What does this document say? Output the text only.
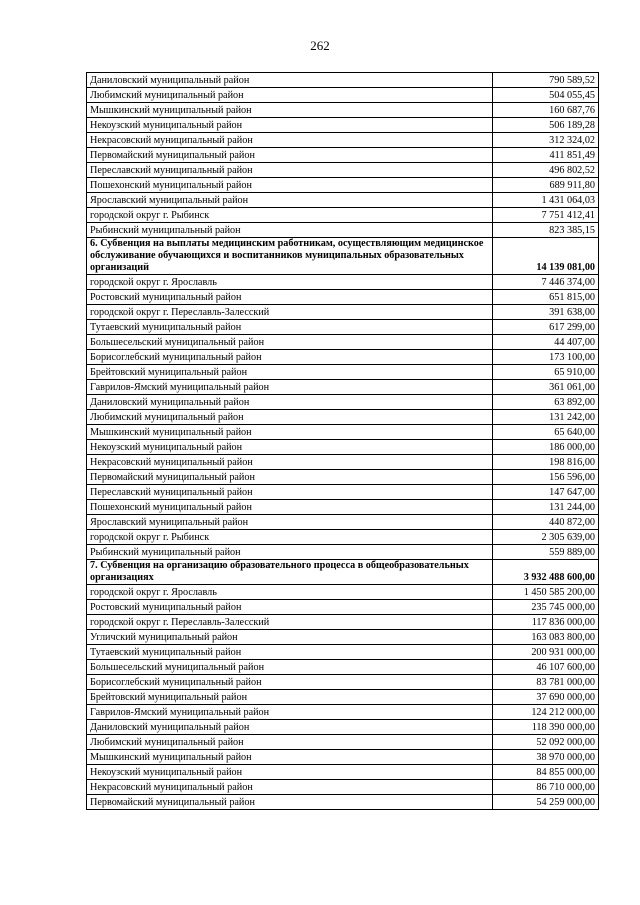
262
Даниловский муниципальный район	790 589,52
Любимский муниципальный район	504 055,45
Мышкинский муниципальный район	160 687,76
Некоузский муниципальный район	506 189,28
Некрасовский муниципальный район	312 324,02
Первомайский муниципальный район	411 851,49
Переславский муниципальный район	496 802,52
Пошехонский муниципальный район	689 911,80
Ярославский муниципальный район	1 431 064,03
городской округ г. Рыбинск	7 751 412,41
Рыбинский муниципальный район	823 385,15
6. Субвенция на выплаты медицинским работникам, осуществляющим медицинское обслуживание обучающихся и воспитанников муниципальных образовательных организаций	14 139 081,00
городской округ г. Ярославль	7 446 374,00
Ростовский муниципальный район	651 815,00
городской округ г. Переславль-Залесский	391 638,00
Тутаевский муниципальный район	617 299,00
Большесельский муниципальный район	44 407,00
Борисоглебский муниципальный район	173 100,00
Брейтовский муниципальный район	65 910,00
Гаврилов-Ямский муниципальный район	361 061,00
Даниловский муниципальный район	63 892,00
Любимский муниципальный район	131 242,00
Мышкинский муниципальный район	65 640,00
Некоузский муниципальный район	186 000,00
Некрасовский муниципальный район	198 816,00
Первомайский муниципальный район	156 596,00
Переславский муниципальный район	147 647,00
Пошехонский муниципальный район	131 244,00
Ярославский муниципальный район	440 872,00
городской округ г. Рыбинск	2 305 639,00
Рыбинский муниципальный район	559 889,00
7. Субвенция на организацию образовательного процесса в общеобразовательных организациях	3 932 488 600,00
городской округ г. Ярославль	1 450 585 200,00
Ростовский муниципальный район	235 745 000,00
городской округ г. Переславль-Залесский	117 836 000,00
Угличский муниципальный район	163 083 800,00
Тутаевский муниципальный район	200 931 000,00
Большесельский муниципальный район	46 107 600,00
Борисоглебский муниципальный район	83 781 000,00
Брейтовский муниципальный район	37 690 000,00
Гаврилов-Ямский муниципальный район	124 212 000,00
Даниловский муниципальный район	118 390 000,00
Любимский муниципальный район	52 092 000,00
Мышкинский муниципальный район	38 970 000,00
Некоузский муниципальный район	84 855 000,00
Некрасовский муниципальный район	86 710 000,00
Первомайский муниципальный район	54 259 000,00
